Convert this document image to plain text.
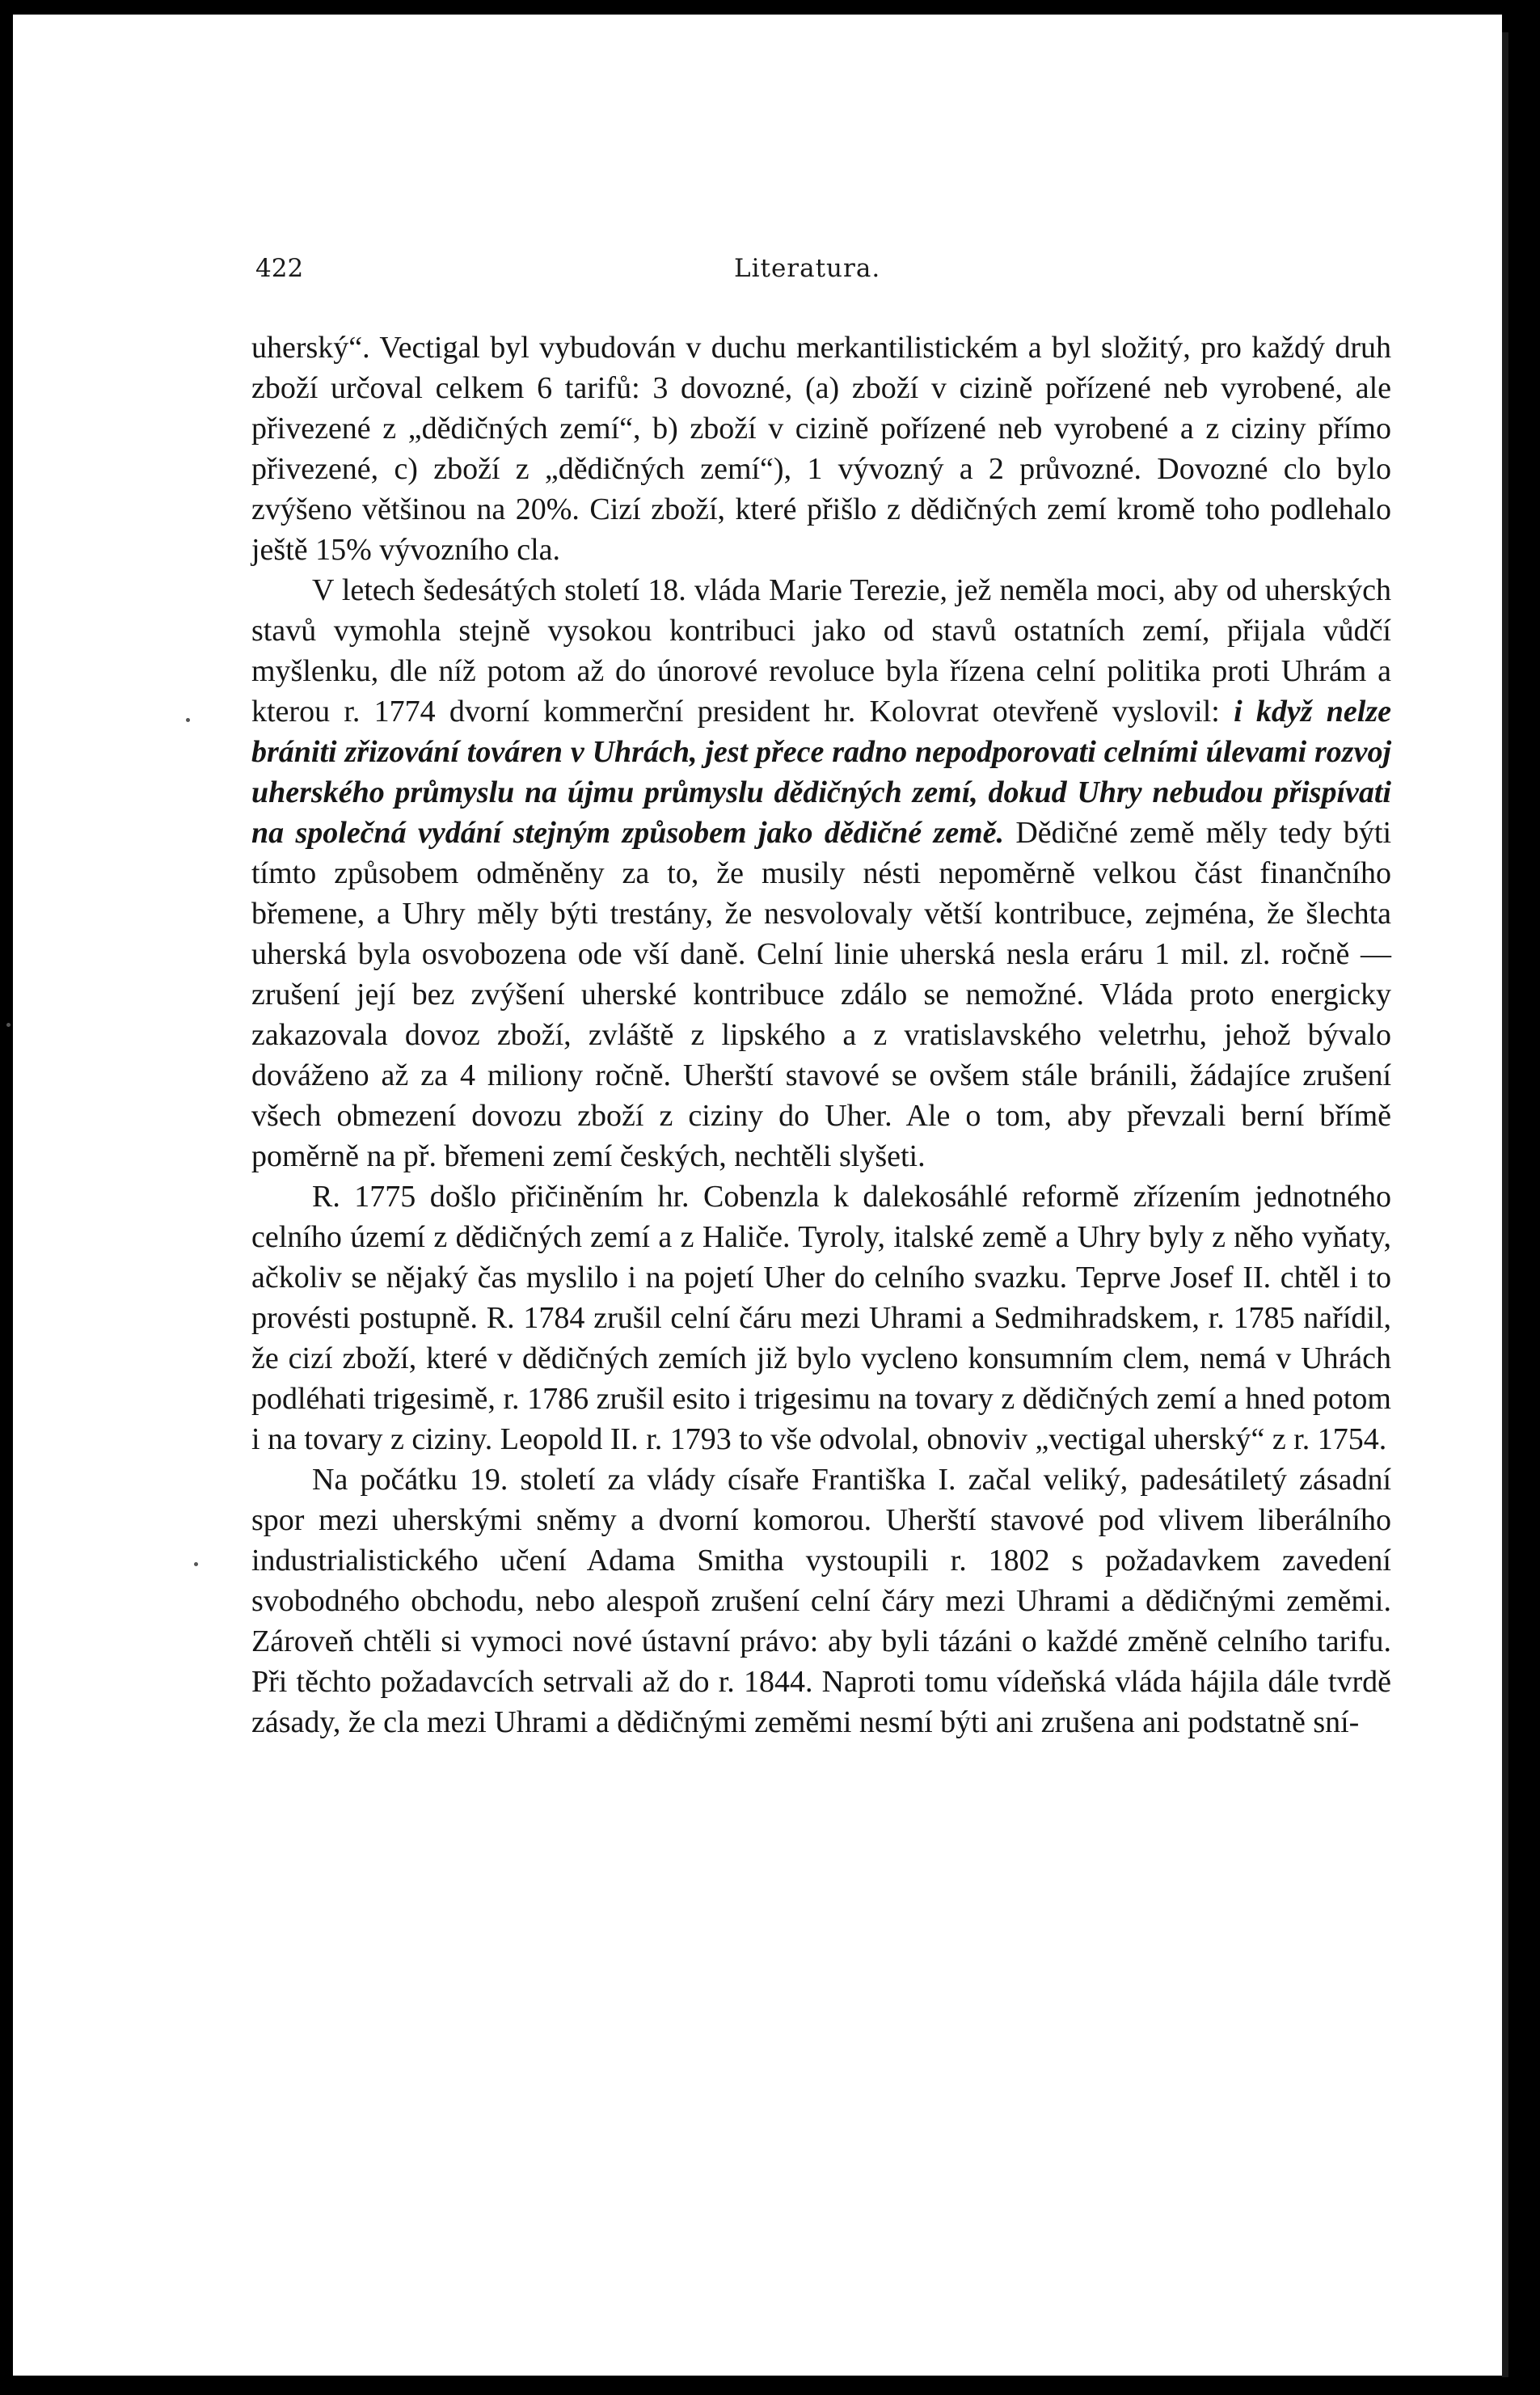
422	Literatura.

uherský“. Vectigal byl vybudován v duchu merkantilistickém a byl složitý, pro každý druh zboží určoval celkem 6 tarifů: 3 dovozné, (a) zboží v cizině pořízené neb vyrobené, ale přivezené z „dědičných zemí“, b) zboží v cizině pořízené neb vyrobené a z ciziny přímo přivezené, c) zboží z „dědičných zemí“), 1 vývozný a 2 průvozné. Dovozné clo bylo zvýšeno většinou na 20%. Cizí zboží, které přišlo z dědičných zemí kromě toho podlehalo ještě 15% vývozního cla.

V letech šedesátých století 18. vláda Marie Terezie, jež neměla moci, aby od uherských stavů vymohla stejně vysokou kontribuci jako od stavů ostatních zemí, přijala vůdčí myšlenku, dle níž potom až do únorové revoluce byla řízena celní politika proti Uhrám a kterou r. 1774 dvorní kommerční president hr. Kolovrat otevřeně vyslovil: i když nelze brániti zřizování továren v Uhrách, jest přece radno nepodporovati celními úlevami rozvoj uherského průmyslu na újmu průmyslu dědičných zemí, dokud Uhry nebudou přispívati na společná vydání stejným způsobem jako dědičné země. Dědičné země měly tedy býti tímto způsobem odměněny za to, že musily nésti nepoměrně velkou část finančního břemene, a Uhry měly býti trestány, že nesvolovaly větší kontribuce, zejména, že šlechta uherská byla osvobozena ode vší daně. Celní linie uherská nesla eráru 1 mil. zl. ročně — zrušení její bez zvýšení uherské kontribuce zdálo se nemožné. Vláda proto energicky zakazovala dovoz zboží, zvláště z lipského a z vratislavského veletrhu, jehož bývalo dováženo až za 4 miliony ročně. Uherští stavové se ovšem stále bránili, žádajíce zrušení všech obmezení dovozu zboží z ciziny do Uher. Ale o tom, aby převzali berní břímě poměrně na př. břemeni zemí českých, nechtěli slyšeti.

R. 1775 došlo přičiněním hr. Cobenzla k dalekosáhlé reformě zřízením jednotného celního území z dědičných zemí a z Haliče. Tyroly, italské země a Uhry byly z něho vyňaty, ačkoliv se nějaký čas myslilo i na pojetí Uher do celního svazku. Teprve Josef II. chtěl i to provésti postupně. R. 1784 zrušil celní čáru mezi Uhrami a Sedmihradskem, r. 1785 nařídil, že cizí zboží, které v dědičných zemích již bylo vycleno konsumním clem, nemá v Uhrách podléhati trigesimě, r. 1786 zrušil esito i trigesimu na tovary z dědičných zemí a hned potom i na tovary z ciziny. Leopold II. r. 1793 to vše odvolal, obnoviv „vectigal uherský“ z r. 1754.

Na počátku 19. století za vlády císaře Františka I. začal veliký, padesátiletý zásadní spor mezi uherskými sněmy a dvorní komorou. Uherští stavové pod vlivem liberálního industrialistického učení Adama Smitha vystoupili r. 1802 s požadavkem zavedení svobodného obchodu, nebo alespoň zrušení celní čáry mezi Uhrami a dědičnými zeměmi. Zároveň chtěli si vymoci nové ústavní právo: aby byli tázáni o každé změně celního tarifu. Při těchto požadavcích setrvali až do r. 1844. Naproti tomu vídeňská vláda hájila dále tvrdě zásady, že cla mezi Uhrami a dědičnými zeměmi nesmí býti ani zrušena ani podstatně sní-
